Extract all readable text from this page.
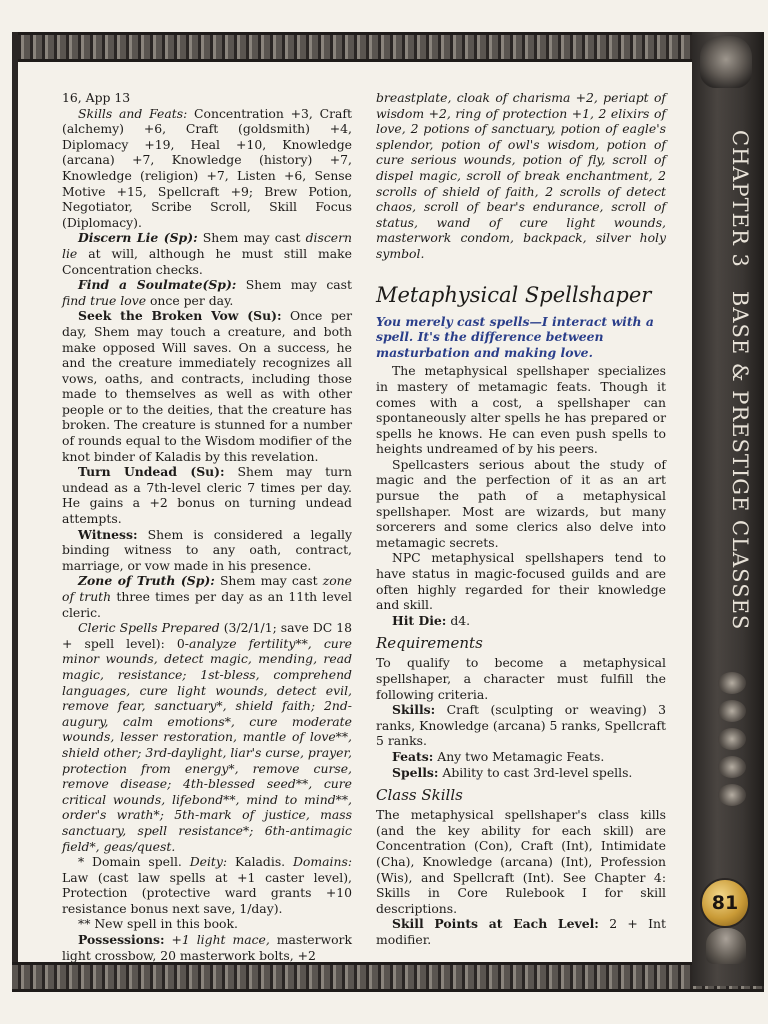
CHAPTER 3   BASE & PRESTIGE CLASSES
81

16, App 13

Skills and Feats: Concentration +3, Craft (alchemy) +6, Craft (goldsmith) +4, Diplomacy +19, Heal +10, Knowledge (arcana) +7, Knowledge (history) +7, Knowledge (religion) +7, Listen +6, Sense Motive +15, Spellcraft +9; Brew Potion, Negotiator, Scribe Scroll, Skill Focus (Diplomacy).

Discern Lie (Sp): Shem may cast discern lie at will, although he must still make Concentration checks.

Find a Soulmate(Sp): Shem may cast find true love once per day.

Seek the Broken Vow (Su): Once per day, Shem may touch a creature, and both make opposed Will saves. On a success, he and the creature immediately recognizes all vows, oaths, and contracts, including those made to themselves as well as with other people or to the deities, that the creature has broken. The creature is stunned for a number of rounds equal to the Wisdom modifier of the knot binder of Kaladis by this revelation.

Turn Undead (Su): Shem may turn undead as a 7th-level cleric 7 times per day. He gains a +2 bonus on turning undead attempts.

Witness: Shem is considered a legally binding witness to any oath, contract, marriage, or vow made in his presence.

Zone of Truth (Sp): Shem may cast zone of truth three times per day as an 11th level cleric.

Cleric Spells Prepared (3/2/1/1; save DC 18 + spell level): 0-analyze fertility**, cure minor wounds, detect magic, mending, read magic, resistance; 1st-bless, comprehend languages, cure light wounds, detect evil, remove fear, sanctuary*, shield faith; 2nd-augury, calm emotions*, cure moderate wounds, lesser restoration, mantle of love**, shield other; 3rd-daylight, liar's curse, prayer, protection from energy*, remove curse, remove disease; 4th-blessed seed**, cure critical wounds, lifebond**, mind to mind**, order's wrath*; 5th-mark of justice, mass sanctuary, spell resistance*; 6th-antimagic field*, geas/quest.

* Domain spell. Deity: Kaladis. Domains: Law (cast law spells at +1 caster level), Protection (protective ward grants +10 resistance bonus next save, 1/day).

** New spell in this book.

Possessions: +1 light mace, masterwork light crossbow, 20 masterwork bolts, +2

breastplate, cloak of charisma +2, periapt of wisdom +2, ring of protection +1, 2 elixirs of love, 2 potions of sanctuary, potion of eagle's splendor, potion of owl's wisdom, potion of cure serious wounds, potion of fly, scroll of dispel magic, scroll of break enchantment, 2 scrolls of shield of faith, 2 scrolls of detect chaos, scroll of bear's endurance, scroll of status, wand of cure light wounds, masterwork condom, backpack, silver holy symbol.

Metaphysical Spellshaper

You merely cast spells—I interact with a spell. It's the difference between masturbation and making love.

The metaphysical spellshaper specializes in mastery of metamagic feats. Though it comes with a cost, a spellshaper can spontaneously alter spells he has prepared or spells he knows. He can even push spells to heights undreamed of by his peers.

Spellcasters serious about the study of magic and the perfection of it as an art pursue the path of a metaphysical spellshaper. Most are wizards, but many sorcerers and some clerics also delve into metamagic secrets.

NPC metaphysical spellshapers tend to have status in magic-focused guilds and are often highly regarded for their knowledge and skill.

Hit Die: d4.

Requirements

To qualify to become a metaphysical spellshaper, a character must fulfill the following criteria.

Skills: Craft (sculpting or weaving) 3 ranks, Knowledge (arcana) 5 ranks, Spellcraft 5 ranks.

Feats: Any two Metamagic Feats.

Spells: Ability to cast 3rd-level spells.

Class Skills

The metaphysical spellshaper's class kills (and the key ability for each skill) are Concentration (Con), Craft (Int), Intimidate (Cha), Knowledge (arcana) (Int), Profession (Wis), and Spellcraft (Int). See Chapter 4: Skills in Core Rulebook I for skill descriptions.

Skill Points at Each Level: 2 + Int modifier.
